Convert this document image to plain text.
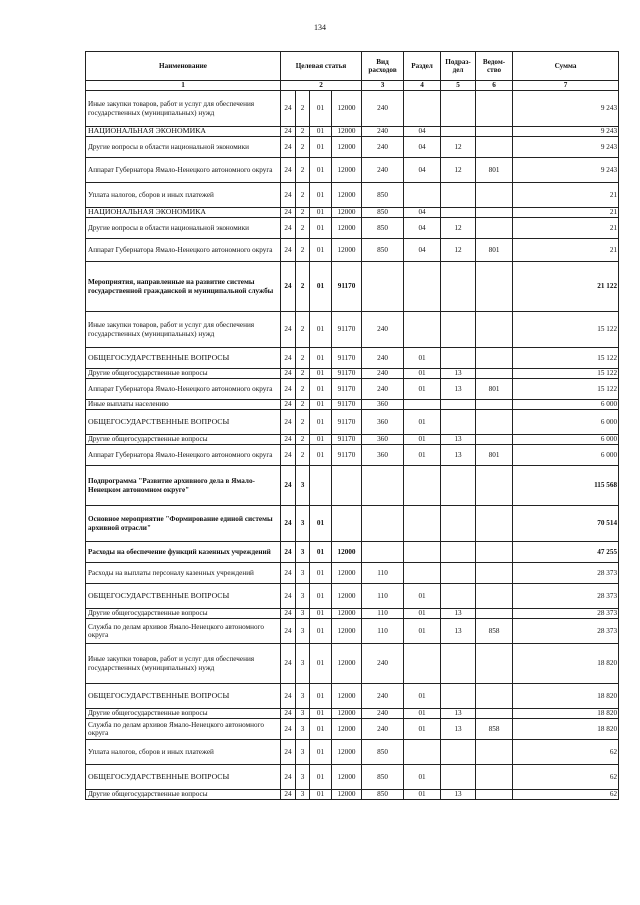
134
Наименование	Целевая статья				Вид расходов	Раздел	Подраз-дел	Ведом-ство	Сумма
1	2				3	4	5	6	7
Иные закупки товаров, работ и услуг для обеспечения государственных (муниципальных) нужд	24	2	01	12000	240				9 243
НАЦИОНАЛЬНАЯ ЭКОНОМИКА	24	2	01	12000	240	04			9 243
Другие вопросы в области национальной экономики	24	2	01	12000	240	04	12		9 243
Аппарат Губернатора Ямало-Ненецкого автономного округа	24	2	01	12000	240	04	12	801	9 243
Уплата налогов, сборов и иных платежей	24	2	01	12000	850				21
НАЦИОНАЛЬНАЯ ЭКОНОМИКА	24	2	01	12000	850	04			21
Другие вопросы в области национальной экономики	24	2	01	12000	850	04	12		21
Аппарат Губернатора Ямало-Ненецкого автономного округа	24	2	01	12000	850	04	12	801	21
Мероприятия, направленные на развитие системы государственной гражданской и муниципальной службы	24	2	01	91170					21 122
Иные закупки товаров, работ и услуг для обеспечения государственных (муниципальных) нужд	24	2	01	91170	240				15 122
ОБЩЕГОСУДАРСТВЕННЫЕ ВОПРОСЫ	24	2	01	91170	240	01			15 122
Другие общегосударственные вопросы	24	2	01	91170	240	01	13		15 122
Аппарат Губернатора Ямало-Ненецкого автономного округа	24	2	01	91170	240	01	13	801	15 122
Иные выплаты населению	24	2	01	91170	360				6 000
ОБЩЕГОСУДАРСТВЕННЫЕ ВОПРОСЫ	24	2	01	91170	360	01			6 000
Другие общегосударственные вопросы	24	2	01	91170	360	01	13		6 000
Аппарат Губернатора Ямало-Ненецкого автономного округа	24	2	01	91170	360	01	13	801	6 000
Подпрограмма "Развитие архивного дела в Ямало-Ненецком автономном округе"	24	3							115 568
Основное мероприятие "Формирование единой системы архивной отрасли"	24	3	01						70 514
Расходы на обеспечение функций казенных учреждений	24	3	01	12000					47 255
Расходы на выплаты персоналу казенных учреждений	24	3	01	12000	110				28 373
ОБЩЕГОСУДАРСТВЕННЫЕ ВОПРОСЫ	24	3	01	12000	110	01			28 373
Другие общегосударственные вопросы	24	3	01	12000	110	01	13		28 373
Служба по делам архивов Ямало-Ненецкого автономного округа	24	3	01	12000	110	01	13	858	28 373
Иные закупки товаров, работ и услуг для обеспечения государственных (муниципальных) нужд	24	3	01	12000	240				18 820
ОБЩЕГОСУДАРСТВЕННЫЕ ВОПРОСЫ	24	3	01	12000	240	01			18 820
Другие общегосударственные вопросы	24	3	01	12000	240	01	13		18 820
Служба по делам архивов Ямало-Ненецкого автономного округа	24	3	01	12000	240	01	13	858	18 820
Уплата налогов, сборов и иных платежей	24	3	01	12000	850				62
ОБЩЕГОСУДАРСТВЕННЫЕ ВОПРОСЫ	24	3	01	12000	850	01			62
Другие общегосударственные вопросы	24	3	01	12000	850	01	13		62
